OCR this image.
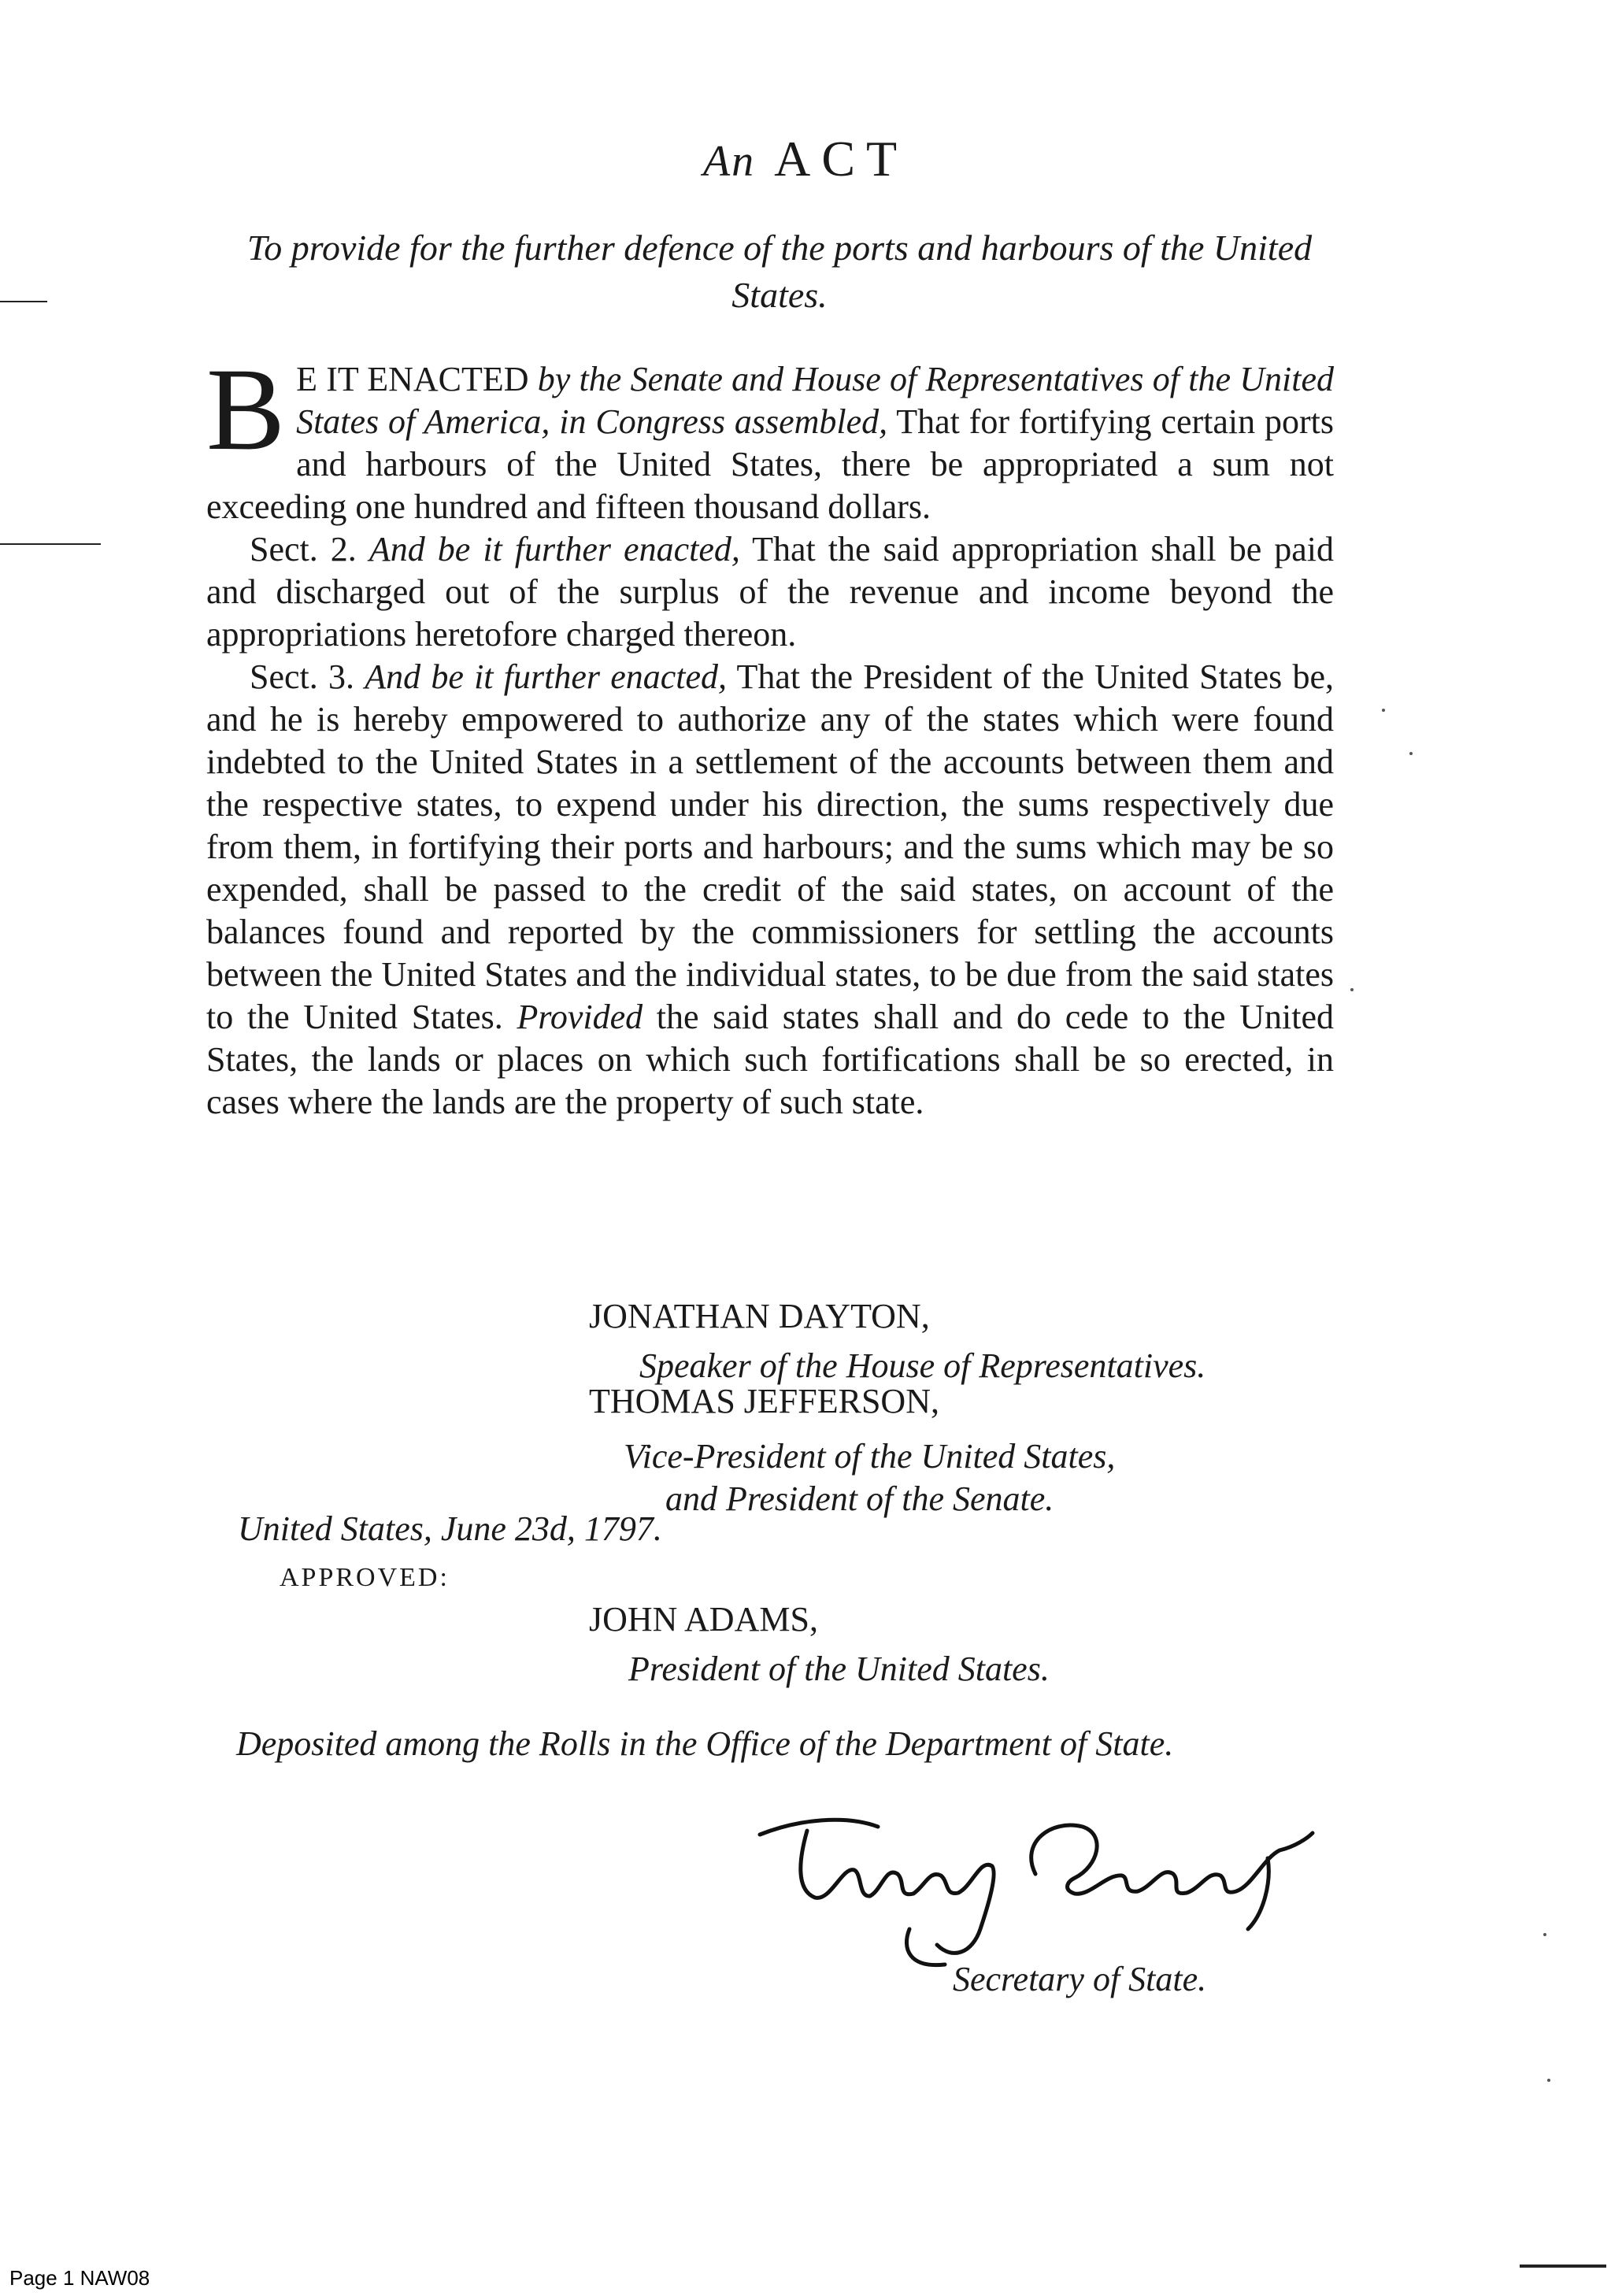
An ACT
To provide for the further defence of the ports and harbours of the United States.

B E IT ENACTED by the Senate and House of Representatives of the United States of America, in Congress assembled, That for fortifying certain ports and harbours of the United States, there be appropriated a sum not exceeding one hundred and fifteen thousand dollars.

Sect. 2. And be it further enacted, That the said appropriation shall be paid and discharged out of the surplus of the revenue and income beyond the appropriations heretofore charged thereon.

Sect. 3. And be it further enacted, That the President of the United States be, and he is hereby empowered to authorize any of the states which were found indebted to the United States in a settlement of the accounts between them and the respective states, to expend under his direction, the sums respectively due from them, in fortifying their ports and harbours; and the sums which may be so expended, shall be passed to the credit of the said states, on account of the balances found and reported by the commissioners for settling the accounts between the United States and the individual states, to be due from the said states to the United States. Provided the said states shall and do cede to the United States, the lands or places on which such fortifications shall be so erected, in cases where the lands are the property of such state.

JONATHAN DAYTON,
Speaker of the House of Representatives.
THOMAS JEFFERSON,
Vice-President of the United States,
and President of the Senate.
United States, June 23d, 1797.
APPROVED:
JOHN ADAMS,
President of the United States.
Deposited among the Rolls in the Office of the Department of State.
Secretary of State.
Page 1 NAW08
